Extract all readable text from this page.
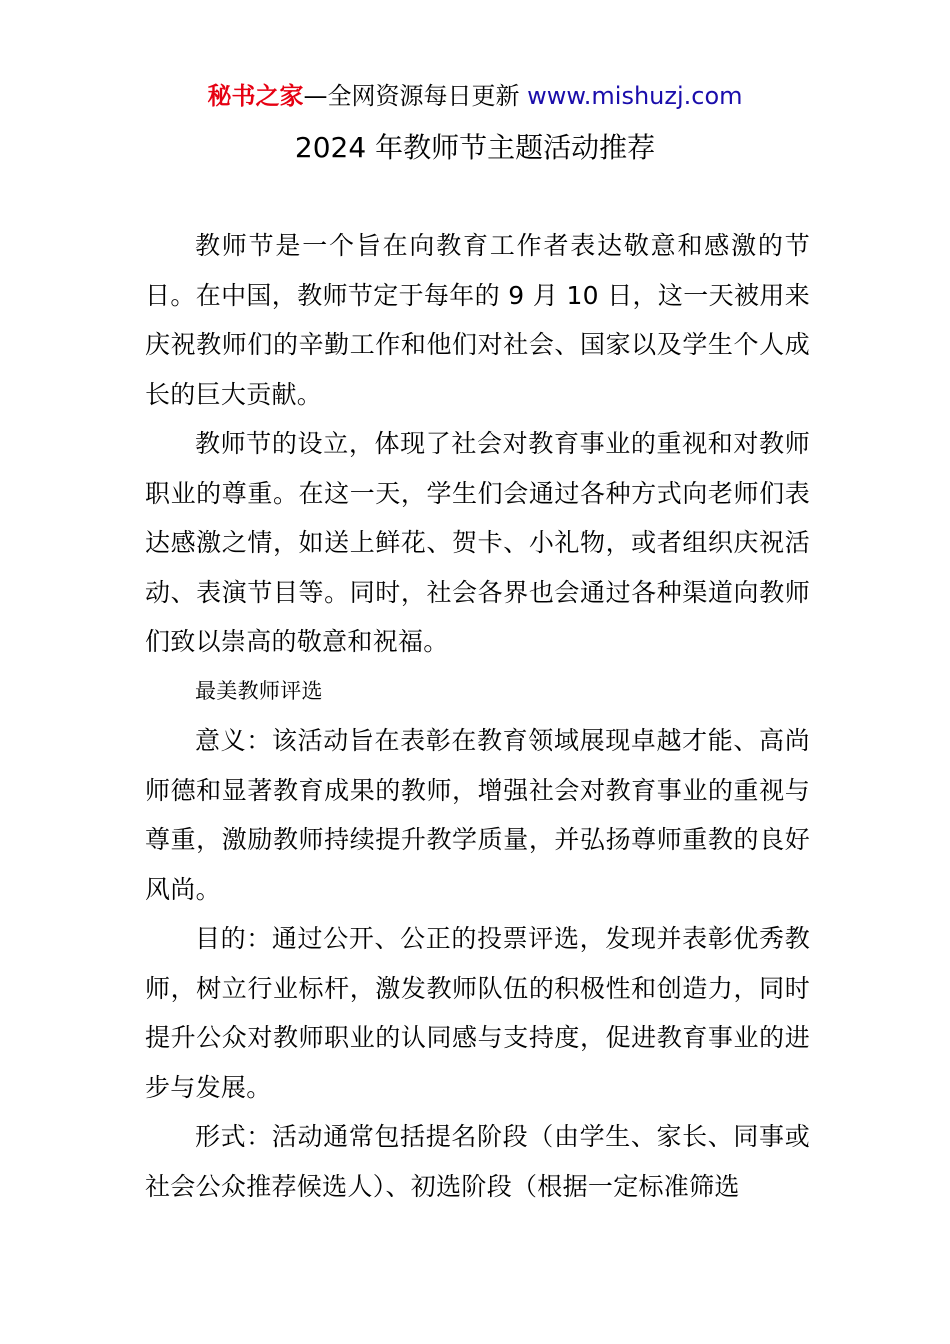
秘书之家—全网资源每日更新 www.mishuzj.com
2024 年教师节主题活动推荐

教师节是一个旨在向教育工作者表达敬意和感激的节日。在中国，教师节定于每年的 9 月 10 日，这一天被用来庆祝教师们的辛勤工作和他们对社会、国家以及学生个人成长的巨大贡献。

教师节的设立，体现了社会对教育事业的重视和对教师职业的尊重。在这一天，学生们会通过各种方式向老师们表达感激之情，如送上鲜花、贺卡、小礼物，或者组织庆祝活动、表演节目等。同时，社会各界也会通过各种渠道向教师们致以崇高的敬意和祝福。

最美教师评选

意义：该活动旨在表彰在教育领域展现卓越才能、高尚师德和显著教育成果的教师，增强社会对教育事业的重视与尊重，激励教师持续提升教学质量，并弘扬尊师重教的良好风尚。

目的：通过公开、公正的投票评选，发现并表彰优秀教师，树立行业标杆，激发教师队伍的积极性和创造力，同时提升公众对教师职业的认同感与支持度，促进教育事业的进步与发展。

形式：活动通常包括提名阶段（由学生、家长、同事或社会公众推荐候选人）、初选阶段（根据一定标准筛选
